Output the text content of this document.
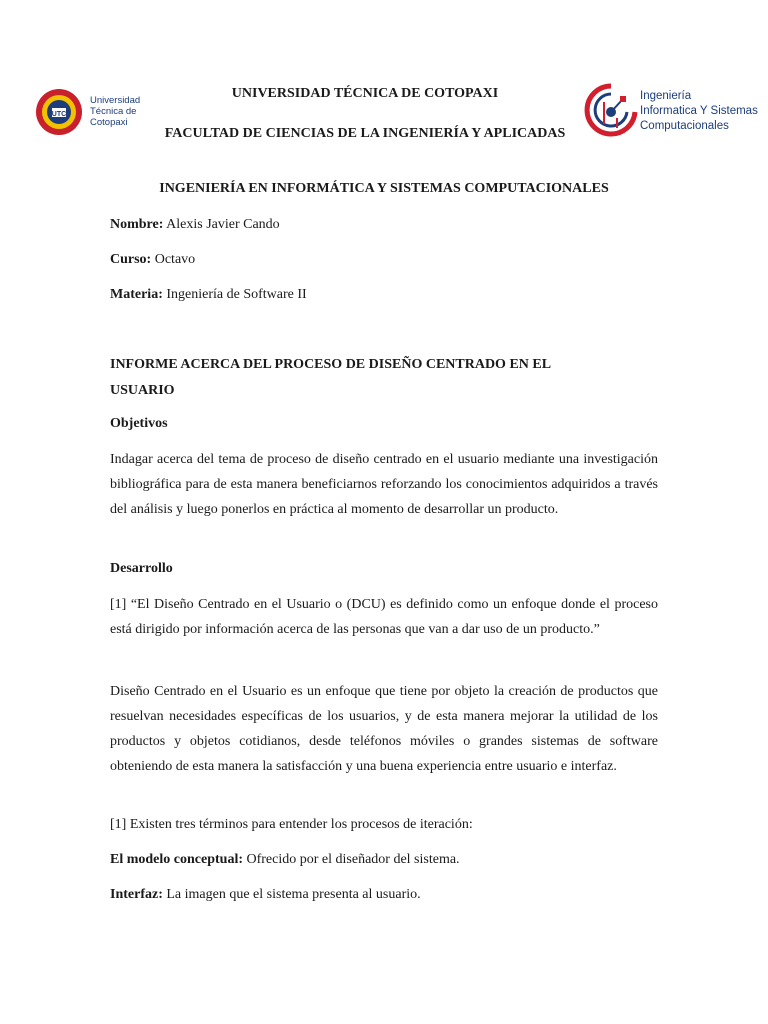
UTC
Universidad Técnica de Cotopaxi
Ingeniería
Informatica Y Sistemas
Computacionales
UNIVERSIDAD TÉCNICA DE COTOPAXI
FACULTAD DE CIENCIAS DE LA INGENIERÍA Y APLICADAS
INGENIERÍA EN INFORMÁTICA Y SISTEMAS COMPUTACIONALES
Nombre: Alexis Javier Cando
Curso: Octavo
Materia: Ingeniería de Software II
INFORME ACERCA DEL PROCESO DE DISEÑO CENTRADO EN EL USUARIO
Objetivos
Indagar acerca del tema de proceso de diseño centrado en el usuario mediante una investigación bibliográfica para de esta manera beneficiarnos reforzando los conocimientos adquiridos a través del análisis y luego ponerlos en práctica al momento de desarrollar un producto.
Desarrollo
[1] “El Diseño Centrado en el Usuario o (DCU) es definido como un enfoque donde el proceso está dirigido por información acerca de las personas que van a dar uso de un producto.”
Diseño Centrado en el Usuario es un enfoque que tiene por objeto la creación de productos que resuelvan necesidades específicas de los usuarios, y de esta manera mejorar la utilidad de los productos y objetos cotidianos, desde teléfonos móviles o grandes sistemas de software obteniendo de esta manera la satisfacción y una buena experiencia entre usuario e interfaz.
[1] Existen tres términos para entender los procesos de iteración:
El modelo conceptual: Ofrecido por el diseñador del sistema.
Interfaz: La imagen que el sistema presenta al usuario.
